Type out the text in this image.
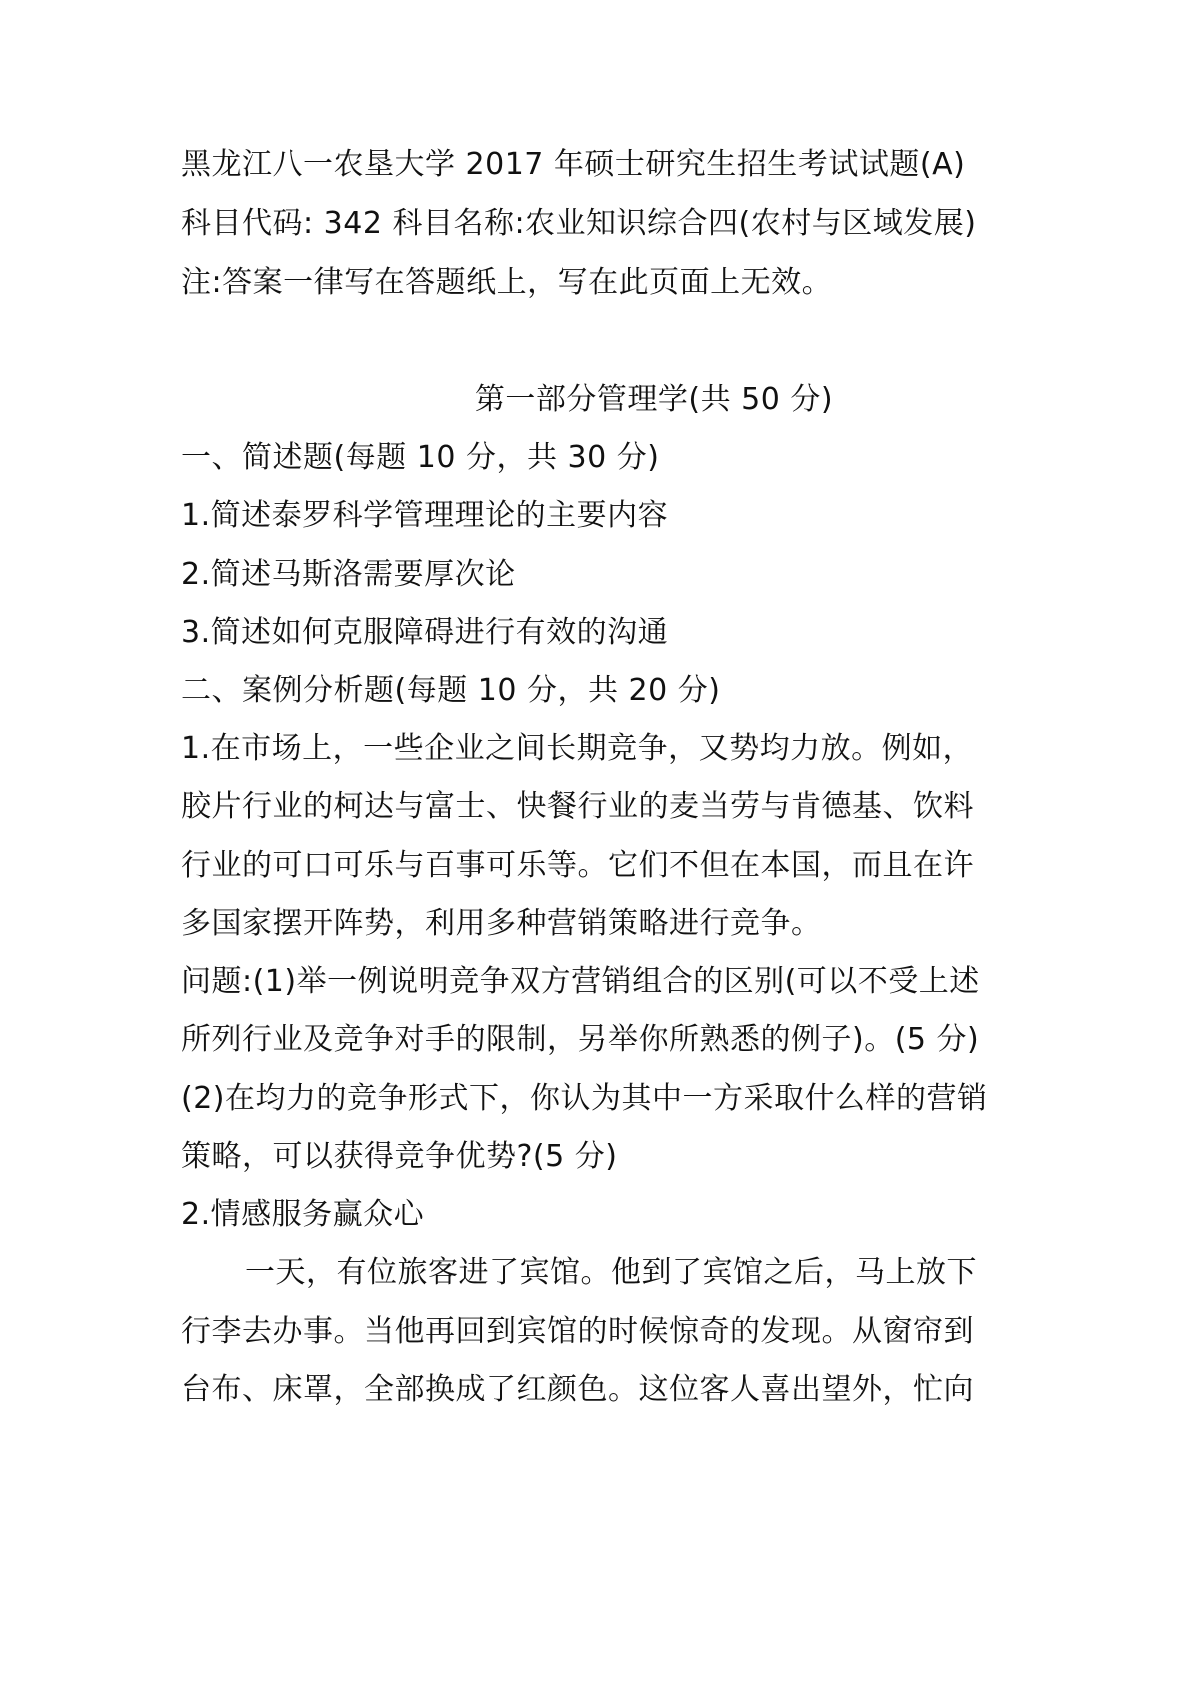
黑龙江八一农垦大学 2017 年硕士研究生招生考试试题(A)
科目代码: 342 科目名称:农业知识综合四(农村与区域发展)
注:答案一律写在答题纸上，写在此页面上无效。
第一部分管理学(共 50 分)
一、简述题(每题 10 分，共 30 分)
1.简述泰罗科学管理理论的主要内容
2.简述马斯洛需要厚次论
3.简述如何克服障碍进行有效的沟通
二、案例分析题(每题 10 分，共 20 分)
1.在市场上，一些企业之间长期竞争，又势均力放。例如，
胶片行业的柯达与富士、快餐行业的麦当劳与肯德基、饮料
行业的可口可乐与百事可乐等。它们不但在本国，而且在许
多国家摆开阵势，利用多种营销策略进行竞争。
问题:(1)举一例说明竞争双方营销组合的区别(可以不受上述
所列行业及竞争对手的限制，另举你所熟悉的例子)。(5 分)
(2)在均力的竞争形式下，你认为其中一方采取什么样的营销
策略，可以获得竞争优势?(5 分)
2.情感服务赢众心
一天，有位旅客进了宾馆。他到了宾馆之后，马上放下
行李去办事。当他再回到宾馆的时候惊奇的发现。从窗帘到
台布、床罩，全部换成了红颜色。这位客人喜出望外，忙向
